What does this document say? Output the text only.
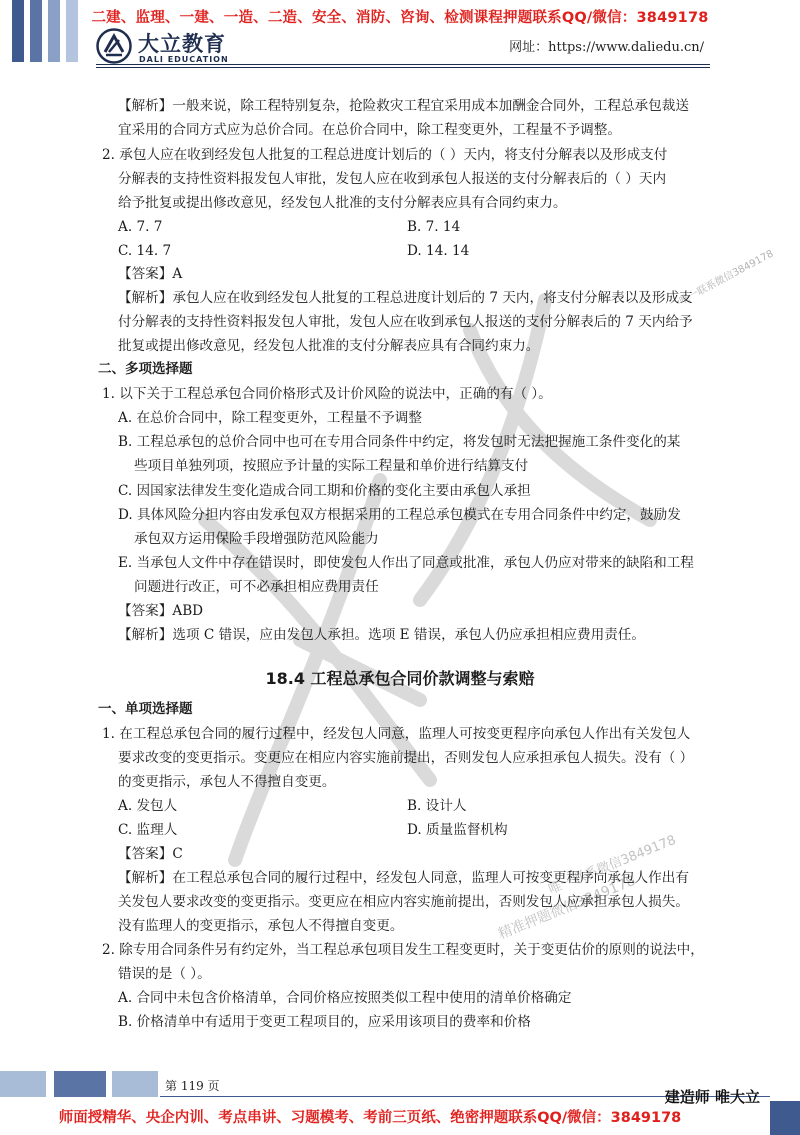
二建、监理、一建、一造、二造、安全、消防、咨询、检测课程押题联系QQ/微信：3849178
大立教育
DALI EDUCATION
网址：https://www.daliedu.cn/
唯一联系微信3849178
唯一联系微信3849178
精准押题微信3849178
【解析】一般来说，除工程特别复杂，抢险救灾工程宜采用成本加酬金合同外，工程总承包裁送
宜采用的合同方式应为总价合同。在总价合同中，除工程变更外，工程量不予调整。
2. 承包人应在收到经发包人批复的工程总进度计划后的（ ）天内，将支付分解表以及形成支付
分解表的支持性资料报发包人审批，发包人应在收到承包人报送的支付分解表后的（ ）天内
给予批复或提出修改意见，经发包人批准的支付分解表应具有合同约束力。
A. 7. 7	B. 7. 14
C. 14. 7	D. 14. 14
【答案】A
【解析】承包人应在收到经发包人批复的工程总进度计划后的 7 天内，将支付分解表以及形成支
付分解表的支持性资料报发包人审批，发包人应在收到承包人报送的支付分解表后的 7 天内给予
批复或提出修改意见，经发包人批准的支付分解表应具有合同约束力。
二、多项选择题
1. 以下关于工程总承包合同价格形式及计价风险的说法中，正确的有（ ）。
A. 在总价合同中，除工程变更外，工程量不予调整
B. 工程总承包的总价合同中也可在专用合同条件中约定，将发包时无法把握施工条件变化的某
些项目单独列项，按照应予计量的实际工程量和单价进行结算支付
C. 因国家法律发生变化造成合同工期和价格的变化主要由承包人承担
D. 具体风险分担内容由发承包双方根据采用的工程总承包模式在专用合同条件中约定，鼓励发
承包双方运用保险手段增强防范风险能力
E. 当承包人文件中存在错误时，即使发包人作出了同意或批准，承包人仍应对带来的缺陷和工程
问题进行改正，可不必承担相应费用责任
【答案】ABD
【解析】选项 C 错误，应由发包人承担。选项 E 错误，承包人仍应承担相应费用责任。
18.4 工程总承包合同价款调整与索赔
一、单项选择题
1. 在工程总承包合同的履行过程中，经发包人同意，监理人可按变更程序向承包人作出有关发包人
要求改变的变更指示。变更应在相应内容实施前提出，否则发包人应承担承包人损失。没有（ ）
的变更指示，承包人不得擅自变更。
A. 发包人	B. 设计人
C. 监理人	D. 质量监督机构
【答案】C
【解析】在工程总承包合同的履行过程中，经发包人同意，监理人可按变更程序向承包人作出有
关发包人要求改变的变更指示。变更应在相应内容实施前提出，否则发包人应承担承包人损失。
没有监理人的变更指示，承包人不得擅自变更。
2. 除专用合同条件另有约定外，当工程总承包项目发生工程变更时，关于变更估价的原则的说法中，
错误的是（ ）。
A. 合同中未包含价格清单，合同价格应按照类似工程中使用的清单价格确定
B. 价格清单中有适用于变更工程项目的，应采用该项目的费率和价格
第 119 页
建造师 唯大立
师面授精华、央企内训、考点串讲、习题模考、考前三页纸、绝密押题联系QQ/微信：3849178
